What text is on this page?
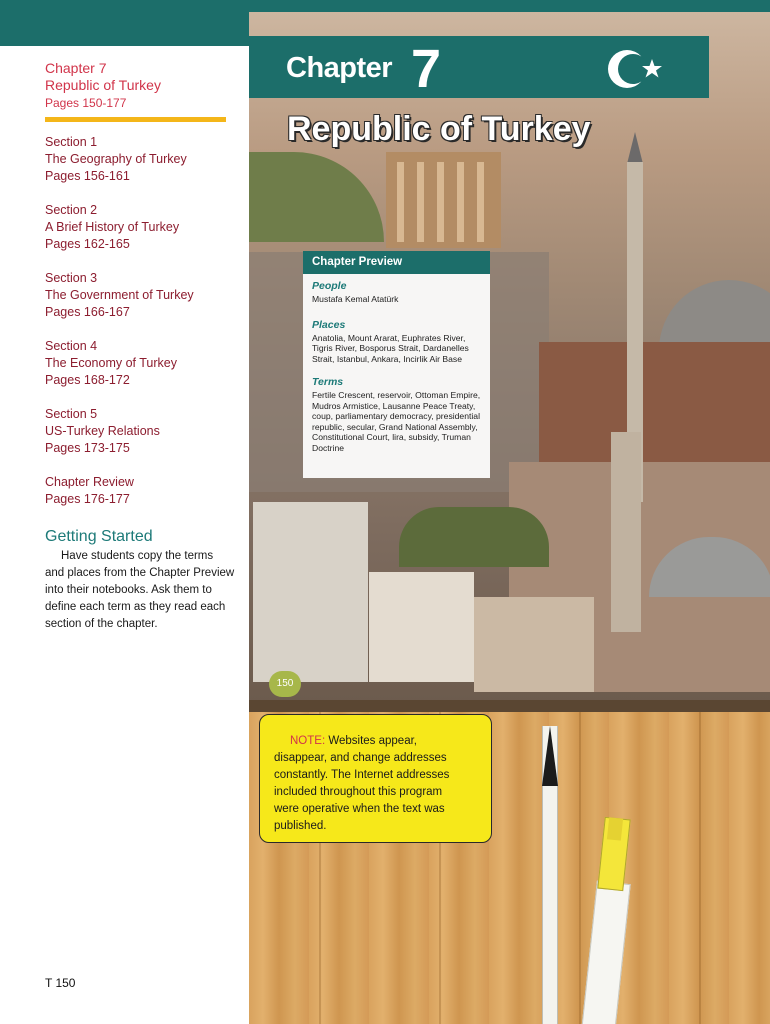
Chapter 7
Republic of Turkey
Pages 150-177
Section 1
The Geography of Turkey
Pages 156-161
Section 2
A Brief History of Turkey
Pages 162-165
Section 3
The Government of Turkey
Pages 166-167
Section 4
The Economy of Turkey
Pages 168-172
Section 5
US-Turkey Relations
Pages 173-175
Chapter Review
Pages 176-177
Getting Started
Have students copy the terms and places from the Chapter Preview into their notebooks. Ask them to define each term as they read each section of the chapter.
T 150
Chapter 7
Republic of Turkey
Chapter Preview
People
Mustafa Kemal Atatürk
Places
Anatolia, Mount Ararat, Euphrates River, Tigris River, Bosporus Strait, Dardanelles Strait, Istanbul, Ankara, Incirlik Air Base
Terms
Fertile Crescent, reservoir, Ottoman Empire, Mudros Armistice, Lausanne Peace Treaty, coup, parliamentary democracy, presidential republic, secular, Grand National Assembly, Constitutional Court, lira, subsidy, Truman Doctrine
150
NOTE: Websites appear, disappear, and change addresses constantly. The Internet addresses included throughout this program were operative when the text was published.
